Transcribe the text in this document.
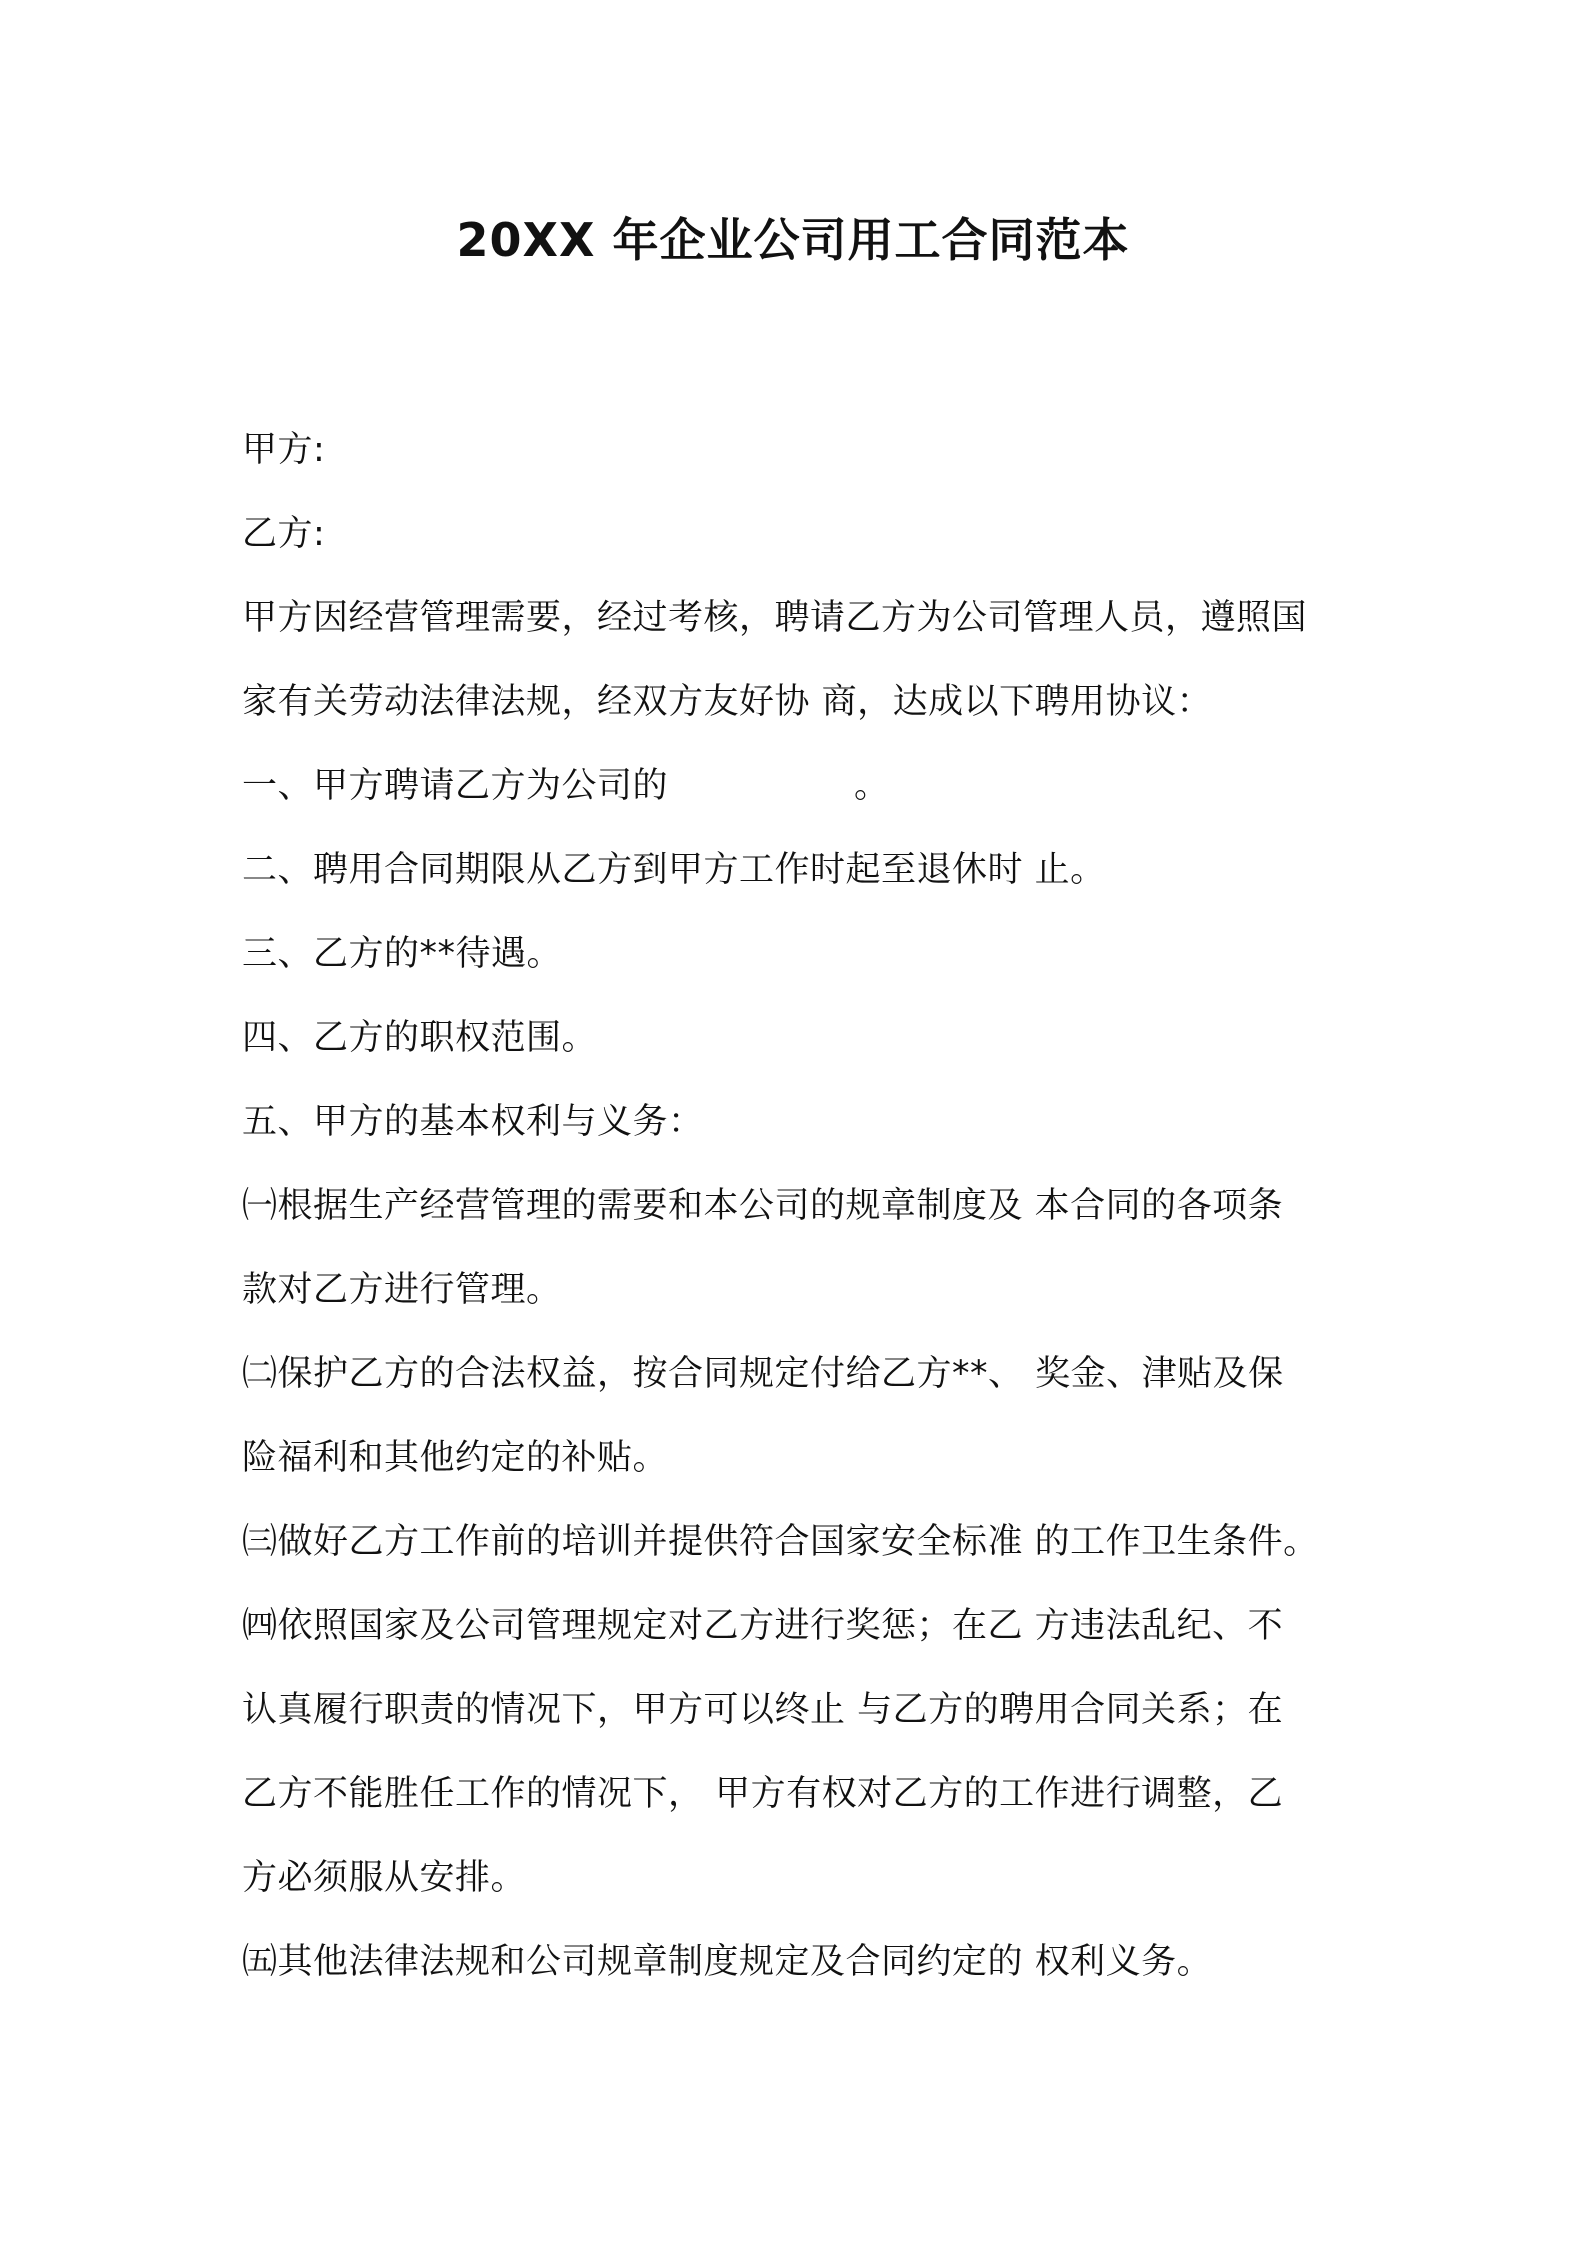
20XX 年企业公司用工合同范本
甲方:
乙方:
甲方因经营管理需要，经过考核，聘请乙方为公司管理人员，遵照国
家有关劳动法律法规，经双方友好协 商，达成以下聘用协议：
一、甲方聘请乙方为公司的	。
二、聘用合同期限从乙方到甲方工作时起至退休时 止。
三、乙方的**待遇。
四、乙方的职权范围。
五、甲方的基本权利与义务：
㈠根据生产经营管理的需要和本公司的规章制度及 本合同的各项条
款对乙方进行管理。
㈡保护乙方的合法权益，按合同规定付给乙方**、 奖金、津贴及保
险福利和其他约定的补贴。
㈢做好乙方工作前的培训并提供符合国家安全标准 的工作卫生条件。
㈣依照国家及公司管理规定对乙方进行奖惩；在乙 方违法乱纪、不
认真履行职责的情况下，甲方可以终止 与乙方的聘用合同关系；在
乙方不能胜任工作的情况下， 甲方有权对乙方的工作进行调整，乙
方必须服从安排。
㈤其他法律法规和公司规章制度规定及合同约定的 权利义务。
